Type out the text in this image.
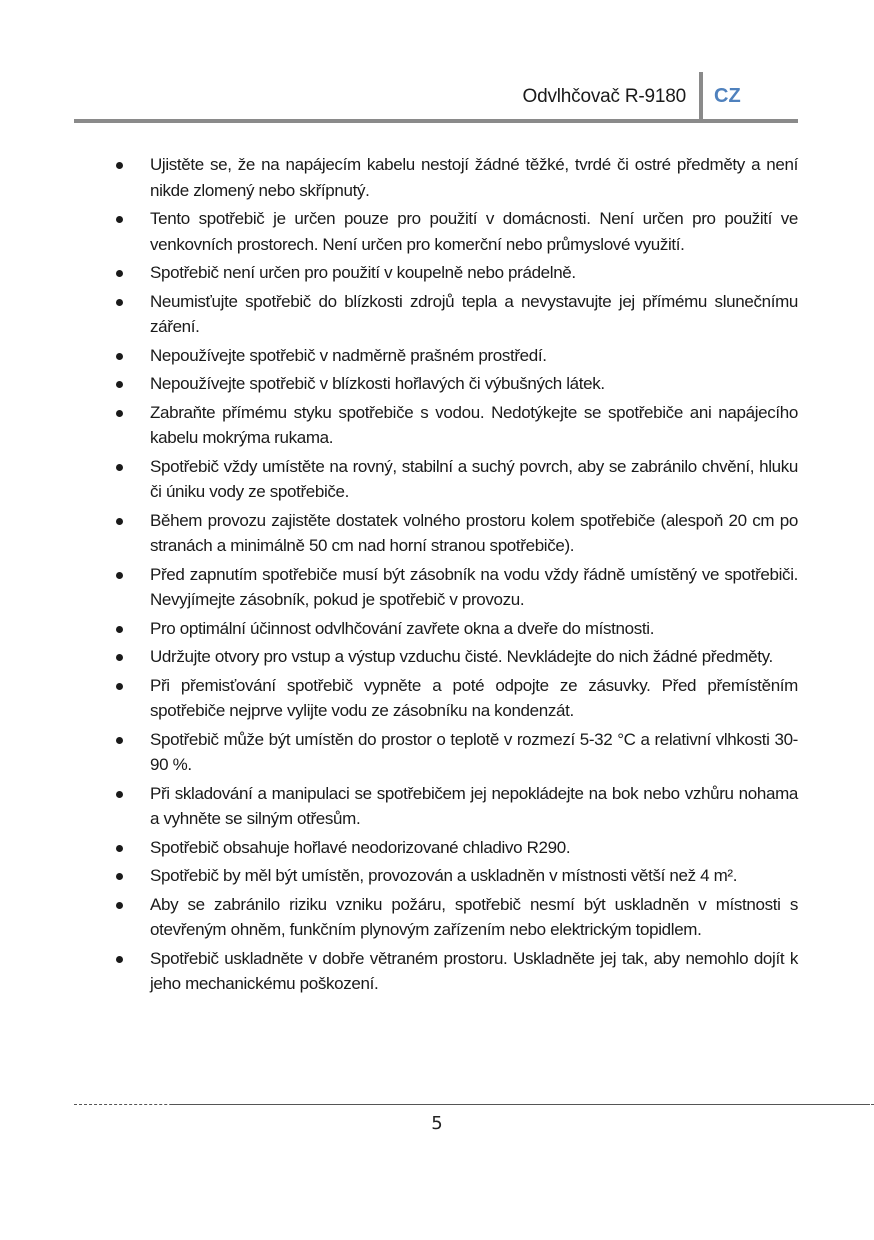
Odvlhčovač R-9180 CZ
Ujistěte se, že na napájecím kabelu nestojí žádné těžké, tvrdé či ostré předměty a není nikde zlomený nebo skřípnutý.
Tento spotřebič je určen pouze pro použití v domácnosti. Není určen pro použití ve venkovních prostorech. Není určen pro komerční nebo průmyslové využití.
Spotřebič není určen pro použití v koupelně nebo prádelně.
Neumisťujte spotřebič do blízkosti zdrojů tepla a nevystavujte jej přímému slunečnímu záření.
Nepoužívejte spotřebič v nadměrně prašném prostředí.
Nepoužívejte spotřebič v blízkosti hořlavých či výbušných látek.
Zabraňte přímému styku spotřebiče s vodou. Nedotýkejte se spotřebiče ani napájecího kabelu mokrýma rukama.
Spotřebič vždy umístěte na rovný, stabilní a suchý povrch, aby se zabránilo chvění, hluku či úniku vody ze spotřebiče.
Během provozu zajistěte dostatek volného prostoru kolem spotřebiče (alespoň 20 cm po stranách a minimálně 50 cm nad horní stranou spotřebiče).
Před zapnutím spotřebiče musí být zásobník na vodu vždy řádně umístěný ve spotřebiči. Nevyjímejte zásobník, pokud je spotřebič v provozu.
Pro optimální účinnost odvlhčování zavřete okna a dveře do místnosti.
Udržujte otvory pro vstup a výstup vzduchu čisté. Nevkládejte do nich žádné předměty.
Při přemisťování spotřebič vypněte a poté odpojte ze zásuvky. Před přemístěním spotřebiče nejprve vylijte vodu ze zásobníku na kondenzát.
Spotřebič může být umístěn do prostor o teplotě v rozmezí 5-32 °C a relativní vlhkosti 30-90 %.
Při skladování a manipulaci se spotřebičem jej nepokládejte na bok nebo vzhůru nohama a vyhněte se silným otřesům.
Spotřebič obsahuje hořlavé neodorizované chladivo R290.
Spotřebič by měl být umístěn, provozován a uskladněn v místnosti větší než 4 m².
Aby se zabránilo riziku vzniku požáru, spotřebič nesmí být uskladněn v místnosti s otevřeným ohněm, funkčním plynovým zařízením nebo elektrickým topidlem.
Spotřebič uskladněte v dobře větraném prostoru. Uskladněte jej tak, aby nemohlo dojít k jeho mechanickému poškození.
5
